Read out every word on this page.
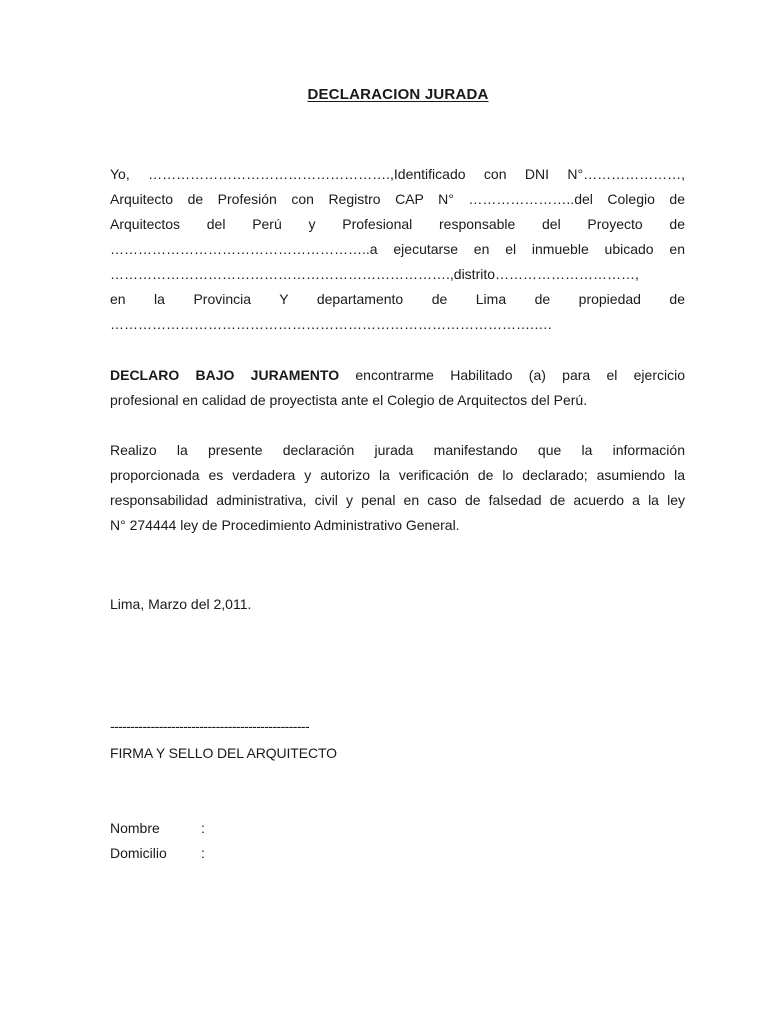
DECLARACION JURADA
Yo, …………………………………………….,Identificado con DNI N°…………………,
Arquitecto de Profesión con Registro CAP N° …………………..del Colegio de
Arquitectos del Perú y Profesional responsable del Proyecto de
………………………………………………..a ejecutarse en el inmueble ubicado en
……………………………………………………………….,distrito…………………………,
en la Provincia Y departamento de Lima de propiedad de
……………………………………………………………………………….….
DECLARO BAJO JURAMENTO encontrarme Habilitado (a) para el ejercicio
profesional en calidad de proyectista ante el Colegio de Arquitectos del Perú.
Realizo la presente declaración jurada manifestando que la información
proporcionada es verdadera y autorizo la verificación de lo declarado; asumiendo la
responsabilidad administrativa, civil y penal en caso de falsedad de acuerdo a la ley
N° 274444 ley de Procedimiento Administrativo General.
Lima, Marzo del 2,011.
-------------------------------------------------
FIRMA Y SELLO DEL ARQUITECTO
Nombre	:
Domicilio :
